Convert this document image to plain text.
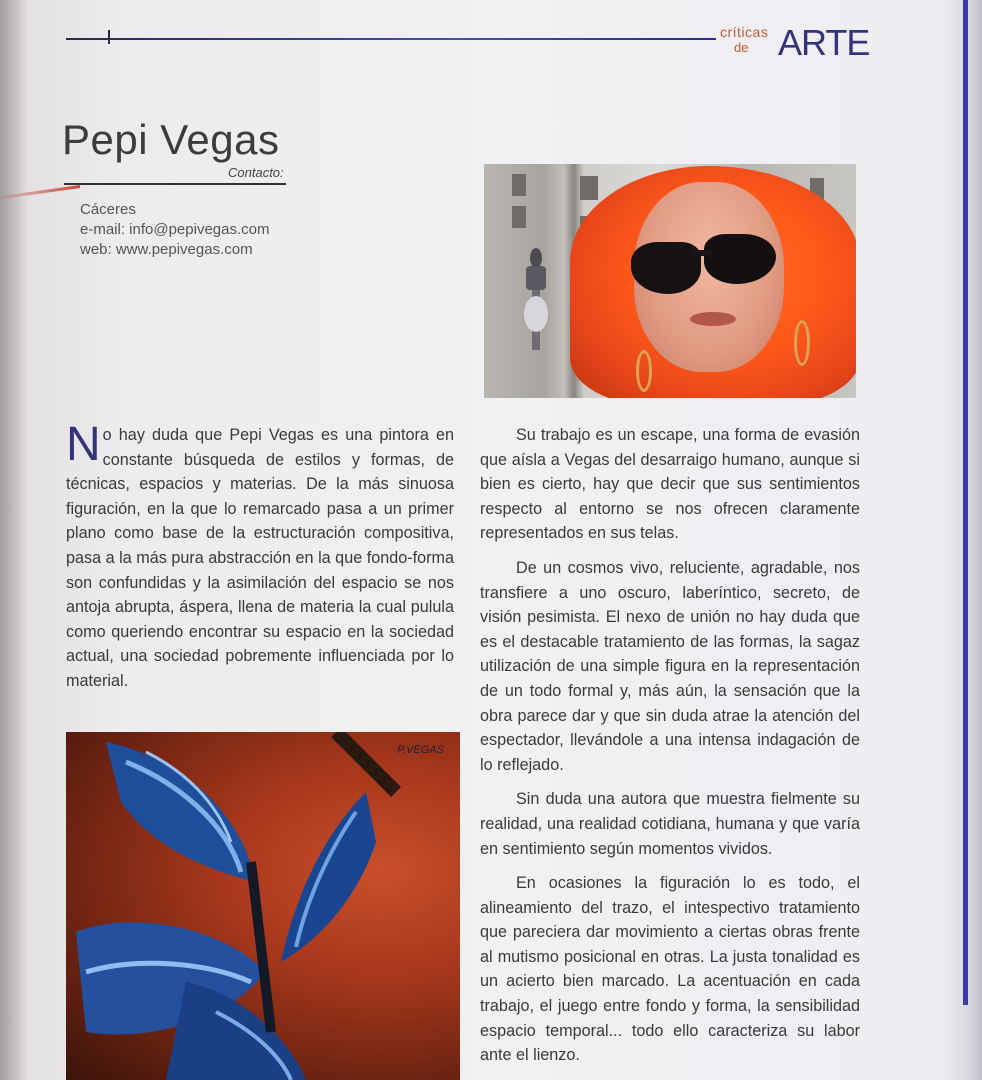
críticas
de ARTE
Pepi Vegas
Contacto:
Cáceres
e-mail: info@pepivegas.com
web: www.pepivegas.com

No hay duda que Pepi Vegas es una pintora en constante búsqueda de estilos y formas, de técnicas, espacios y materias. De la más sinuosa figuración, en la que lo remarcado pasa a un primer plano como base de la estructuración compositiva, pasa a la más pura abstracción en la que fondo-forma son confundidas y la asimilación del espacio se nos antoja abrupta, áspera, llena de materia la cual pulula como queriendo encontrar su espacio en la sociedad actual, una sociedad pobremente influenciada por lo material.

Su trabajo es un escape, una forma de evasión que aísla a Vegas del desarraigo humano, aunque si bien es cierto, hay que decir que sus sentimientos respecto al entorno se nos ofrecen claramente representados en sus telas.

De un cosmos vivo, reluciente, agradable, nos transfiere a uno oscuro, laberíntico, secreto, de visión pesimista. El nexo de unión no hay duda que es el destacable tratamiento de las formas, la sagaz utilización de una simple figura en la representación de un todo formal y, más aún, la sensación que la obra parece dar y que sin duda atrae la atención del espectador, llevándole a una intensa indagación de lo reflejado.

Sin duda una autora que muestra fielmente su realidad, una realidad cotidiana, humana y que varía en sentimiento según momentos vividos.

En ocasiones la figuración lo es todo, el alineamiento del trazo, el intespectivo tratamiento que pareciera dar movimiento a ciertas obras frente al mutismo posicional en otras. La justa tonalidad es un acierto bien marcado. La acentuación en cada trabajo, el juego entre fondo y forma, la sensibilidad espacio temporal... todo ello caracteriza su labor ante el lienzo.

P.VEGAS
